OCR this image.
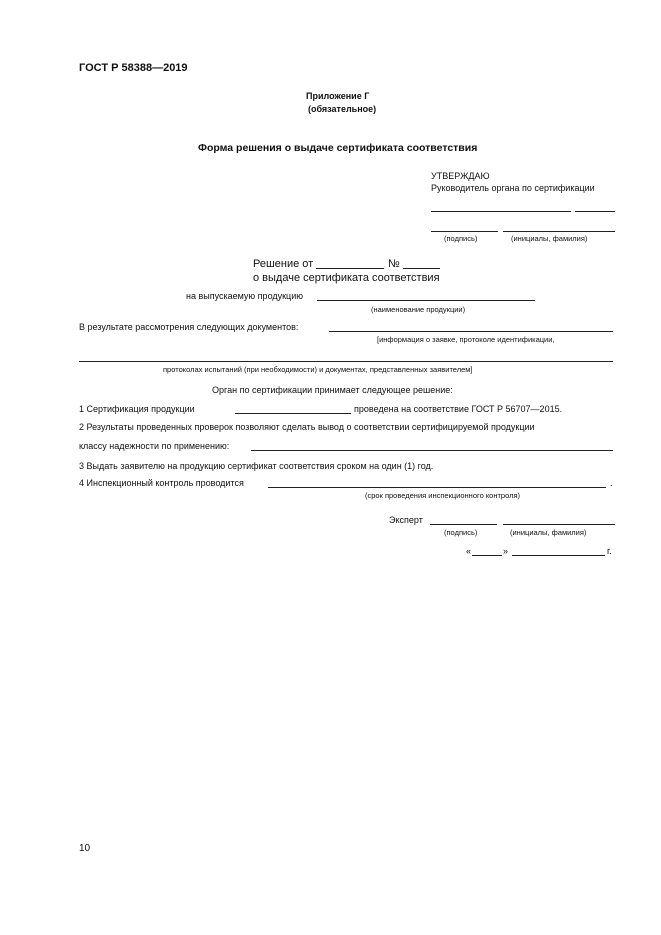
ГОСТ Р 58388—2019
Приложение Г
(обязательное)
Форма решения о выдаче сертификата соответствия
УТВЕРЖДАЮ
Руководитель органа по сертификации
(подпись)	(инициалы, фамилия)
Решение от	№
о выдаче сертификата соответствия
на выпускаемую продукцию
(наименование продукции)
В результате рассмотрения следующих документов:
[информация о заявке, протоколе идентификации,
протоколах испытаний (при необходимости) и документах, представленных заявителем]
Орган по сертификации принимает следующее решение:
1 Сертификация продукции	проведена на соответствие ГОСТ Р 56707—2015.
2 Результаты проведенных проверок позволяют сделать вывод о соответствии сертифицируемой продукции
классу надежности по применению:
3 Выдать заявителю на продукцию сертификат соответствия сроком на один (1) год.
4 Инспекционный контроль проводится	.
(срок проведения инспекционного контроля)
Эксперт
(подпись)	(инициалы, фамилия)
«	»	г.
10
